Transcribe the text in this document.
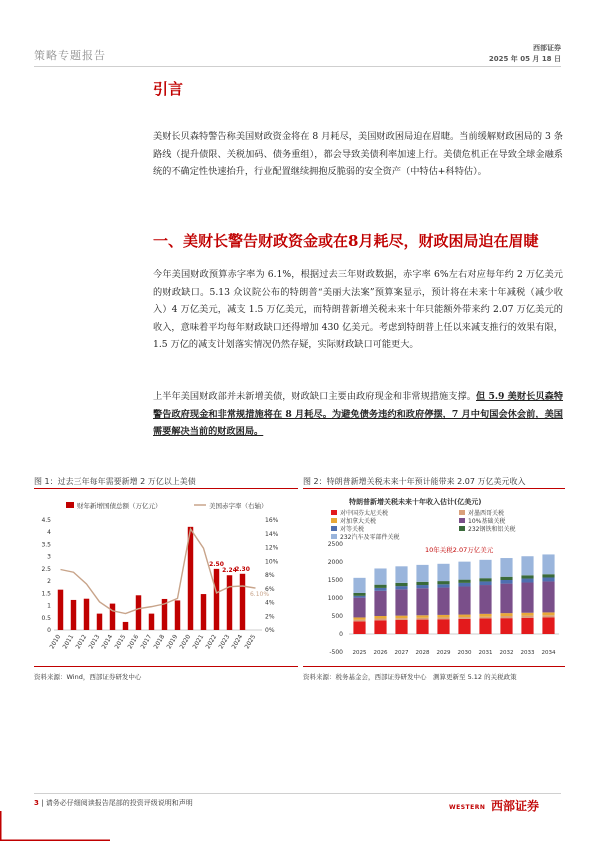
策略专题报告
西部证券
2025 年 05 月 18 日
引言
美财长贝森特警告称美国财政资金将在 8 月耗尽，美国财政困局迫在眉睫。当前缓解财政困局的 3 条路线（提升债限、关税加码、债务重组），都会导致美债利率加速上行。美债危机正在导致全球金融系统的不确定性快速抬升，行业配置继续拥抱反脆弱的安全资产（中特估+科特估）。
一、美财长警告财政资金或在8月耗尽，财政困局迫在眉睫
今年美国财政预算赤字率为 6.1%，根据过去三年财政数据，赤字率 6%左右对应每年约 2 万亿美元的财政缺口。5.13 众议院公布的特朗普“美丽大法案”预算案显示，预计将在未来十年减税（减少收入）4 万亿美元，减支 1.5 万亿美元，而特朗普新增关税未来十年只能额外带来约 2.07 万亿美元的收入，意味着平均每年财政缺口还得增加 430 亿美元。考虑到特朗普上任以来减支推行的效果有限，1.5 万亿的减支计划落实情况仍然存疑，实际财政缺口可能更大。
上半年美国财政部并未新增美债，财政缺口主要由政府现金和非常规措施支撑。但 5.9 美财长贝森特警告政府现金和非常规措施将在 8 月耗尽。为避免债务违约和政府停摆，7 月中旬国会休会前，美国需要解决当前的财政困局。
图 1：过去三年每年需要新增 2 万亿以上美债	图 2：特朗普新增关税未来十年预计能带来 2.07 万亿美元收入
财年新增国债总额（万亿元）	美国赤字率（右轴）
0
0.5
1
1.5
2
2.5
3
3.5
4
4.5
0%
2%
4%
6%
8%
10%
12%
14%
16%
2.50
2.24
2.30
6.10%
2010 2011 2012 2013 2014 2015 2016 2017 2018 2019 2020 2021 2022 2023 2024 2025
特朗普新增关税未来十年收入估计(亿美元)
对中国芬太尼关税	对墨西哥关税
对加拿大关税	10%基础关税
对等关税	232钢铁和铝关税
232汽车及零部件关税
-500
0
500
1000
1500
2000
2500
2025 2026 2027 2028 2029 2030 2031 2032 2033 2034
10年关税2.07万亿美元
资料来源：Wind，西部证券研发中心	资料来源：税务基金会，西部证券研发中心　测算更新至 5.12 的关税政策
3 | 请务必仔细阅读报告尾部的投资评级说明和声明
WESTERN 西部证券
